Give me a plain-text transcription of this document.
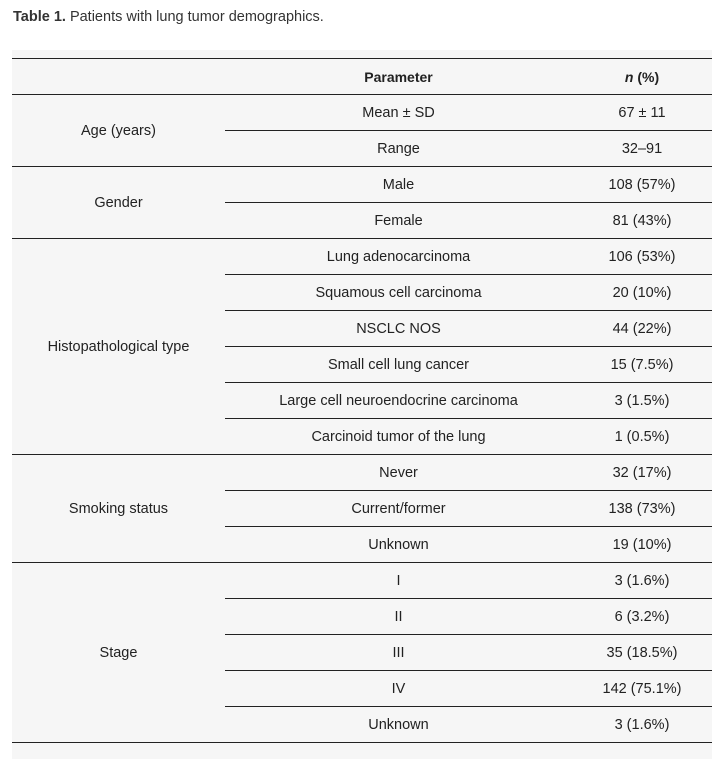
Table 1. Patients with lung tumor demographics.
	Parameter	n (%)
Age (years)	Mean ± SD	67 ± 11
	Range	32–91
Gender	Male	108 (57%)
	Female	81 (43%)
Histopathological type	Lung adenocarcinoma	106 (53%)
	Squamous cell carcinoma	20 (10%)
	NSCLC NOS	44 (22%)
	Small cell lung cancer	15 (7.5%)
	Large cell neuroendocrine carcinoma	3 (1.5%)
	Carcinoid tumor of the lung	1 (0.5%)
Smoking status	Never	32 (17%)
	Current/former	138 (73%)
	Unknown	19 (10%)
Stage	I	3 (1.6%)
	II	6 (3.2%)
	III	35 (18.5%)
	IV	142 (75.1%)
	Unknown	3 (1.6%)
